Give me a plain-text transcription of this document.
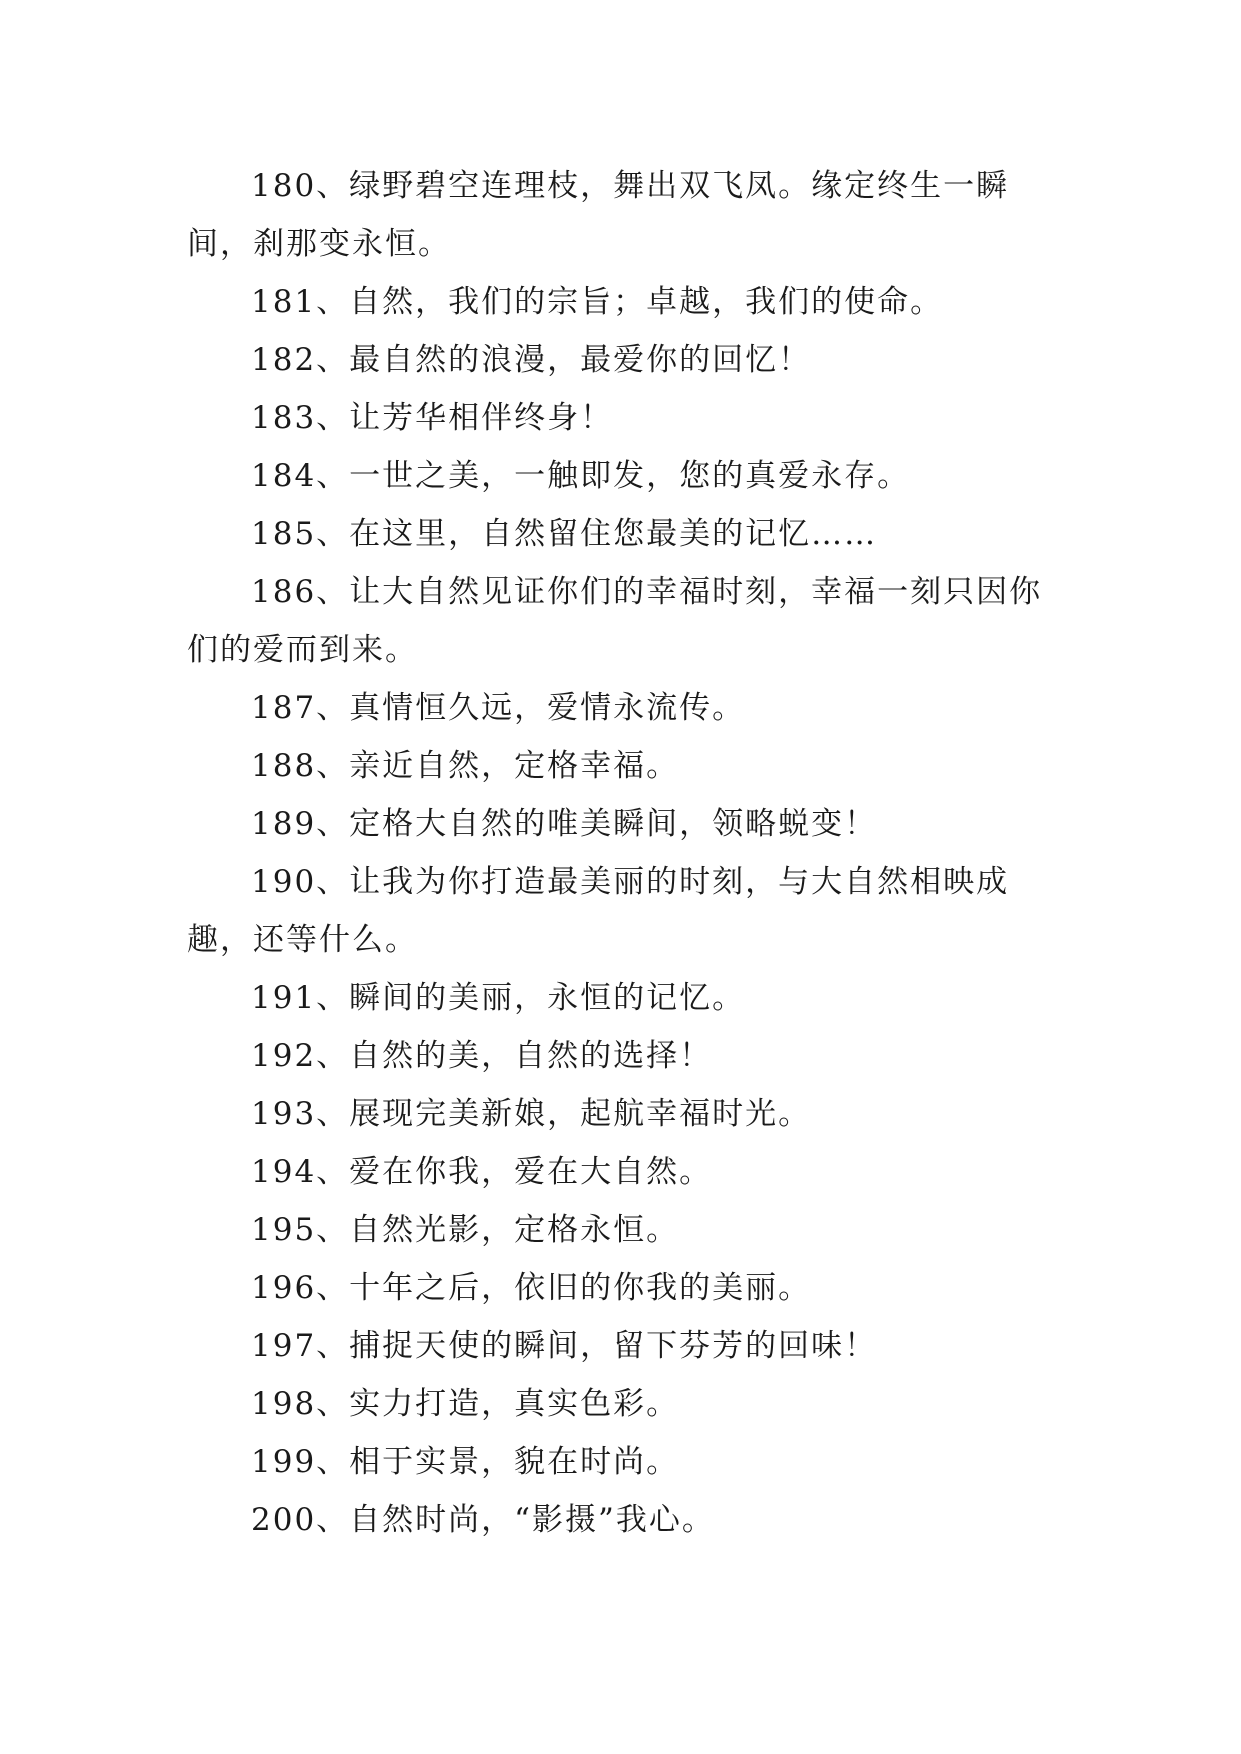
180、绿野碧空连理枝，舞出双飞凤。缘定终生一瞬间，刹那变永恒。

181、自然，我们的宗旨；卓越，我们的使命。

182、最自然的浪漫，最爱你的回忆！

183、让芳华相伴终身！

184、一世之美，一触即发，您的真爱永存。

185、在这里，自然留住您最美的记忆……

186、让大自然见证你们的幸福时刻，幸福一刻只因你们的爱而到来。

187、真情恒久远，爱情永流传。

188、亲近自然，定格幸福。

189、定格大自然的唯美瞬间，领略蜕变！

190、让我为你打造最美丽的时刻，与大自然相映成趣，还等什么。

191、瞬间的美丽，永恒的记忆。

192、自然的美，自然的选择！

193、展现完美新娘，起航幸福时光。

194、爱在你我，爱在大自然。

195、自然光影，定格永恒。

196、十年之后，依旧的你我的美丽。

197、捕捉天使的瞬间，留下芬芳的回味！

198、实力打造，真实色彩。

199、相于实景，貌在时尚。

200、自然时尚，“影摄”我心。
